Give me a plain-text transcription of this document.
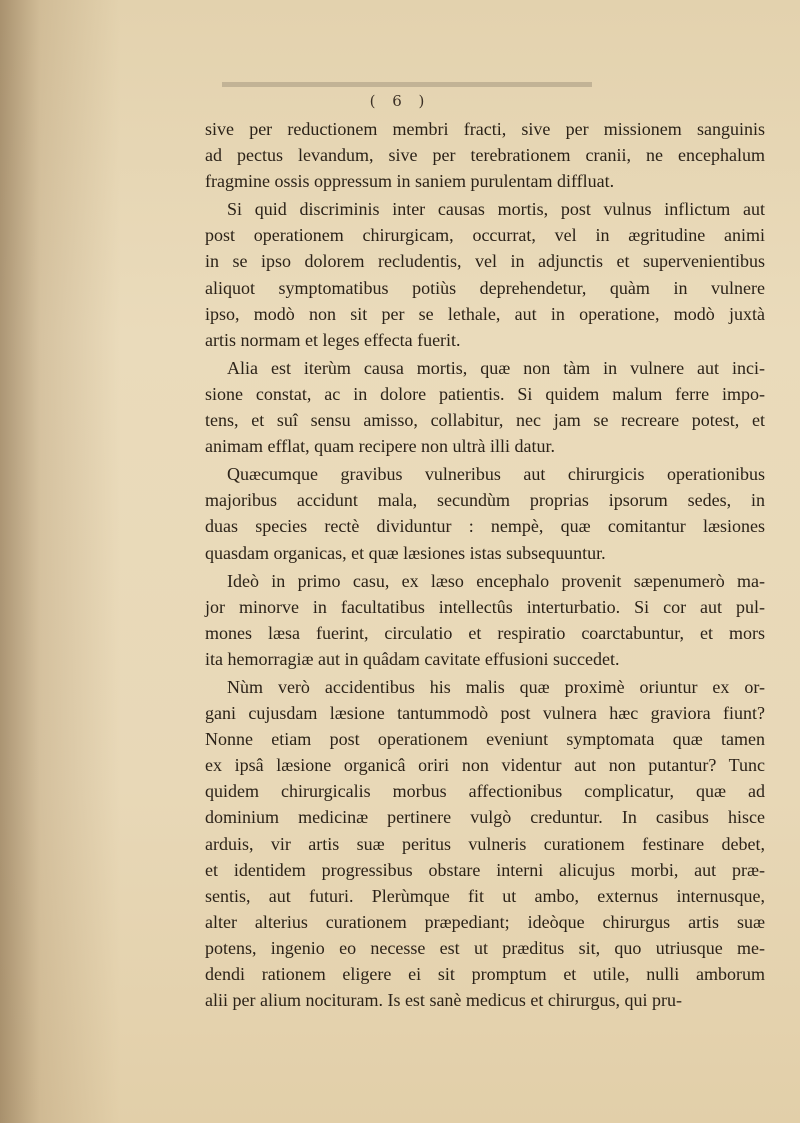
( 6 )
sive per reductionem membri fracti, sive per missionem sanguinis
ad pectus levandum, sive per terebrationem cranii, ne encephalum
fragmine ossis oppressum in saniem purulentam diffluat.
Si quid discriminis inter causas mortis, post vulnus inflictum aut
post operationem chirurgicam, occurrat, vel in ægritudine animi
in se ipso dolorem recludentis, vel in adjunctis et supervenientibus
aliquot symptomatibus potiùs deprehendetur, quàm in vulnere
ipso, modò non sit per se lethale, aut in operatione, modò juxtà
artis normam et leges effecta fuerit.
Alia est iterùm causa mortis, quæ non tàm in vulnere aut inci-
sione constat, ac in dolore patientis. Si quidem malum ferre impo-
tens, et suî sensu amisso, collabitur, nec jam se recreare potest, et
animam efflat, quam recipere non ultrà illi datur.
Quæcumque gravibus vulneribus aut chirurgicis operationibus
majoribus accidunt mala, secundùm proprias ipsorum sedes, in
duas species rectè dividuntur : nempè, quæ comitantur læsiones
quasdam organicas, et quæ læsiones istas subsequuntur.
Ideò in primo casu, ex læso encephalo provenit sæpenumerò ma-
jor minorve in facultatibus intellectûs interturbatio. Si cor aut pul-
mones læsa fuerint, circulatio et respiratio coarctabuntur, et mors
ita hemorragiæ aut in quâdam cavitate effusioni succedet.
Nùm verò accidentibus his malis quæ proximè oriuntur ex or-
gani cujusdam læsione tantummodò post vulnera hæc graviora fiunt?
Nonne etiam post operationem eveniunt symptomata quæ tamen
ex ipsâ læsione organicâ oriri non videntur aut non putantur? Tunc
quidem chirurgicalis morbus affectionibus complicatur, quæ ad
dominium medicinæ pertinere vulgò creduntur. In casibus hisce
arduis, vir artis suæ peritus vulneris curationem festinare debet,
et identidem progressibus obstare interni alicujus morbi, aut præ-
sentis, aut futuri. Plerùmque fit ut ambo, externus internusque,
alter alterius curationem præpediant; ideòque chirurgus artis suæ
potens, ingenio eo necesse est ut præditus sit, quo utriusque me-
dendi rationem eligere ei sit promptum et utile, nulli amborum
alii per alium nocituram. Is est sanè medicus et chirurgus, qui pru-
